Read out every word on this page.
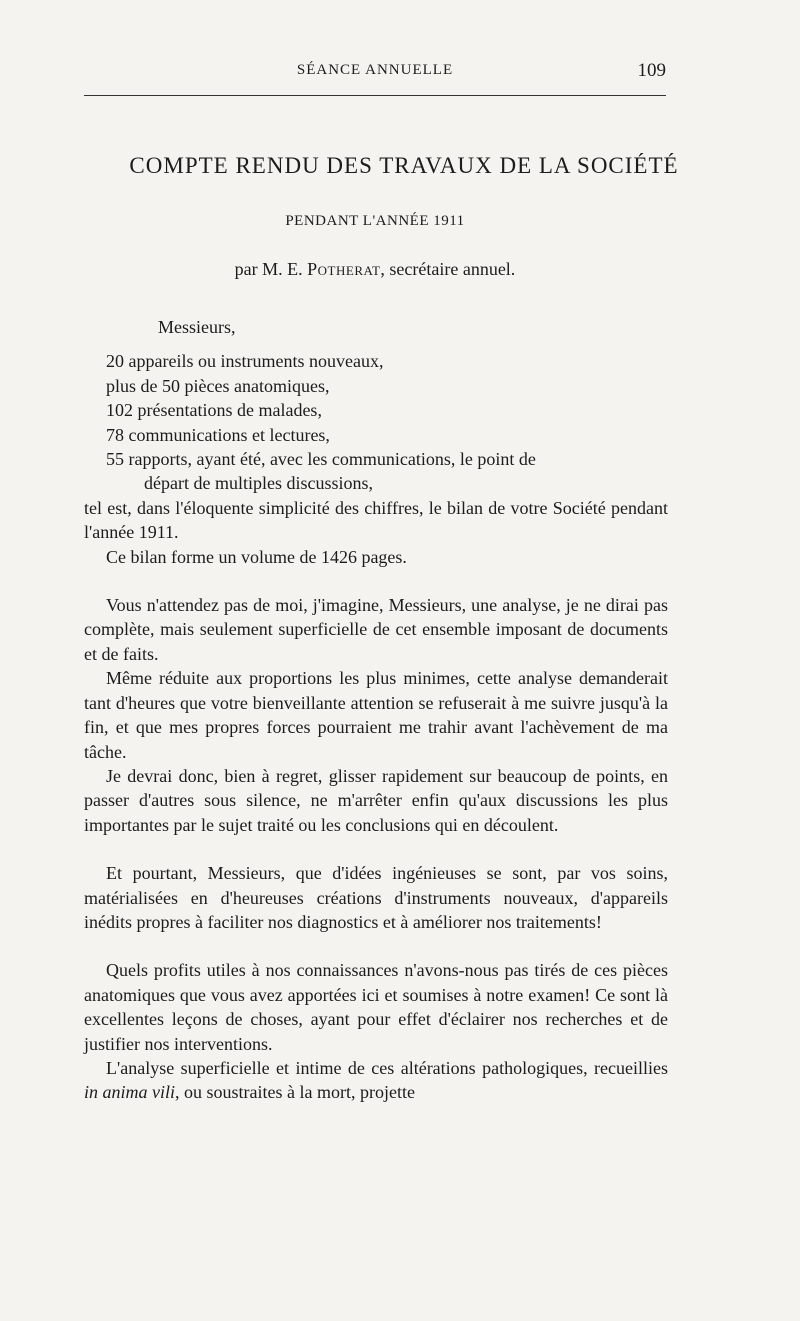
SÉANCE ANNUELLE	109
COMPTE RENDU DES TRAVAUX DE LA SOCIÉTÉ
PENDANT L'ANNÉE 1911
par M. E. Potherat, secrétaire annuel.

Messieurs,

20 appareils ou instruments nouveaux,
plus de 50 pièces anatomiques,
102 présentations de malades,
78 communications et lectures,
55 rapports, ayant été, avec les communications, le point de
départ de multiples discussions,

tel est, dans l'éloquente simplicité des chiffres, le bilan de votre Société pendant l'année 1911.

Ce bilan forme un volume de 1426 pages.

Vous n'attendez pas de moi, j'imagine, Messieurs, une analyse, je ne dirai pas complète, mais seulement superficielle de cet ensemble imposant de documents et de faits.

Même réduite aux proportions les plus minimes, cette analyse demanderait tant d'heures que votre bienveillante attention se refuserait à me suivre jusqu'à la fin, et que mes propres forces pourraient me trahir avant l'achèvement de ma tâche.

Je devrai donc, bien à regret, glisser rapidement sur beaucoup de points, en passer d'autres sous silence, ne m'arrêter enfin qu'aux discussions les plus importantes par le sujet traité ou les conclusions qui en découlent.

Et pourtant, Messieurs, que d'idées ingénieuses se sont, par vos soins, matérialisées en d'heureuses créations d'instruments nouveaux, d'appareils inédits propres à faciliter nos diagnostics et à améliorer nos traitements!

Quels profits utiles à nos connaissances n'avons-nous pas tirés de ces pièces anatomiques que vous avez apportées ici et soumises à notre examen! Ce sont là excellentes leçons de choses, ayant pour effet d'éclairer nos recherches et de justifier nos interventions.

L'analyse superficielle et intime de ces altérations pathologiques, recueillies in anima vili, ou soustraites à la mort, projette
